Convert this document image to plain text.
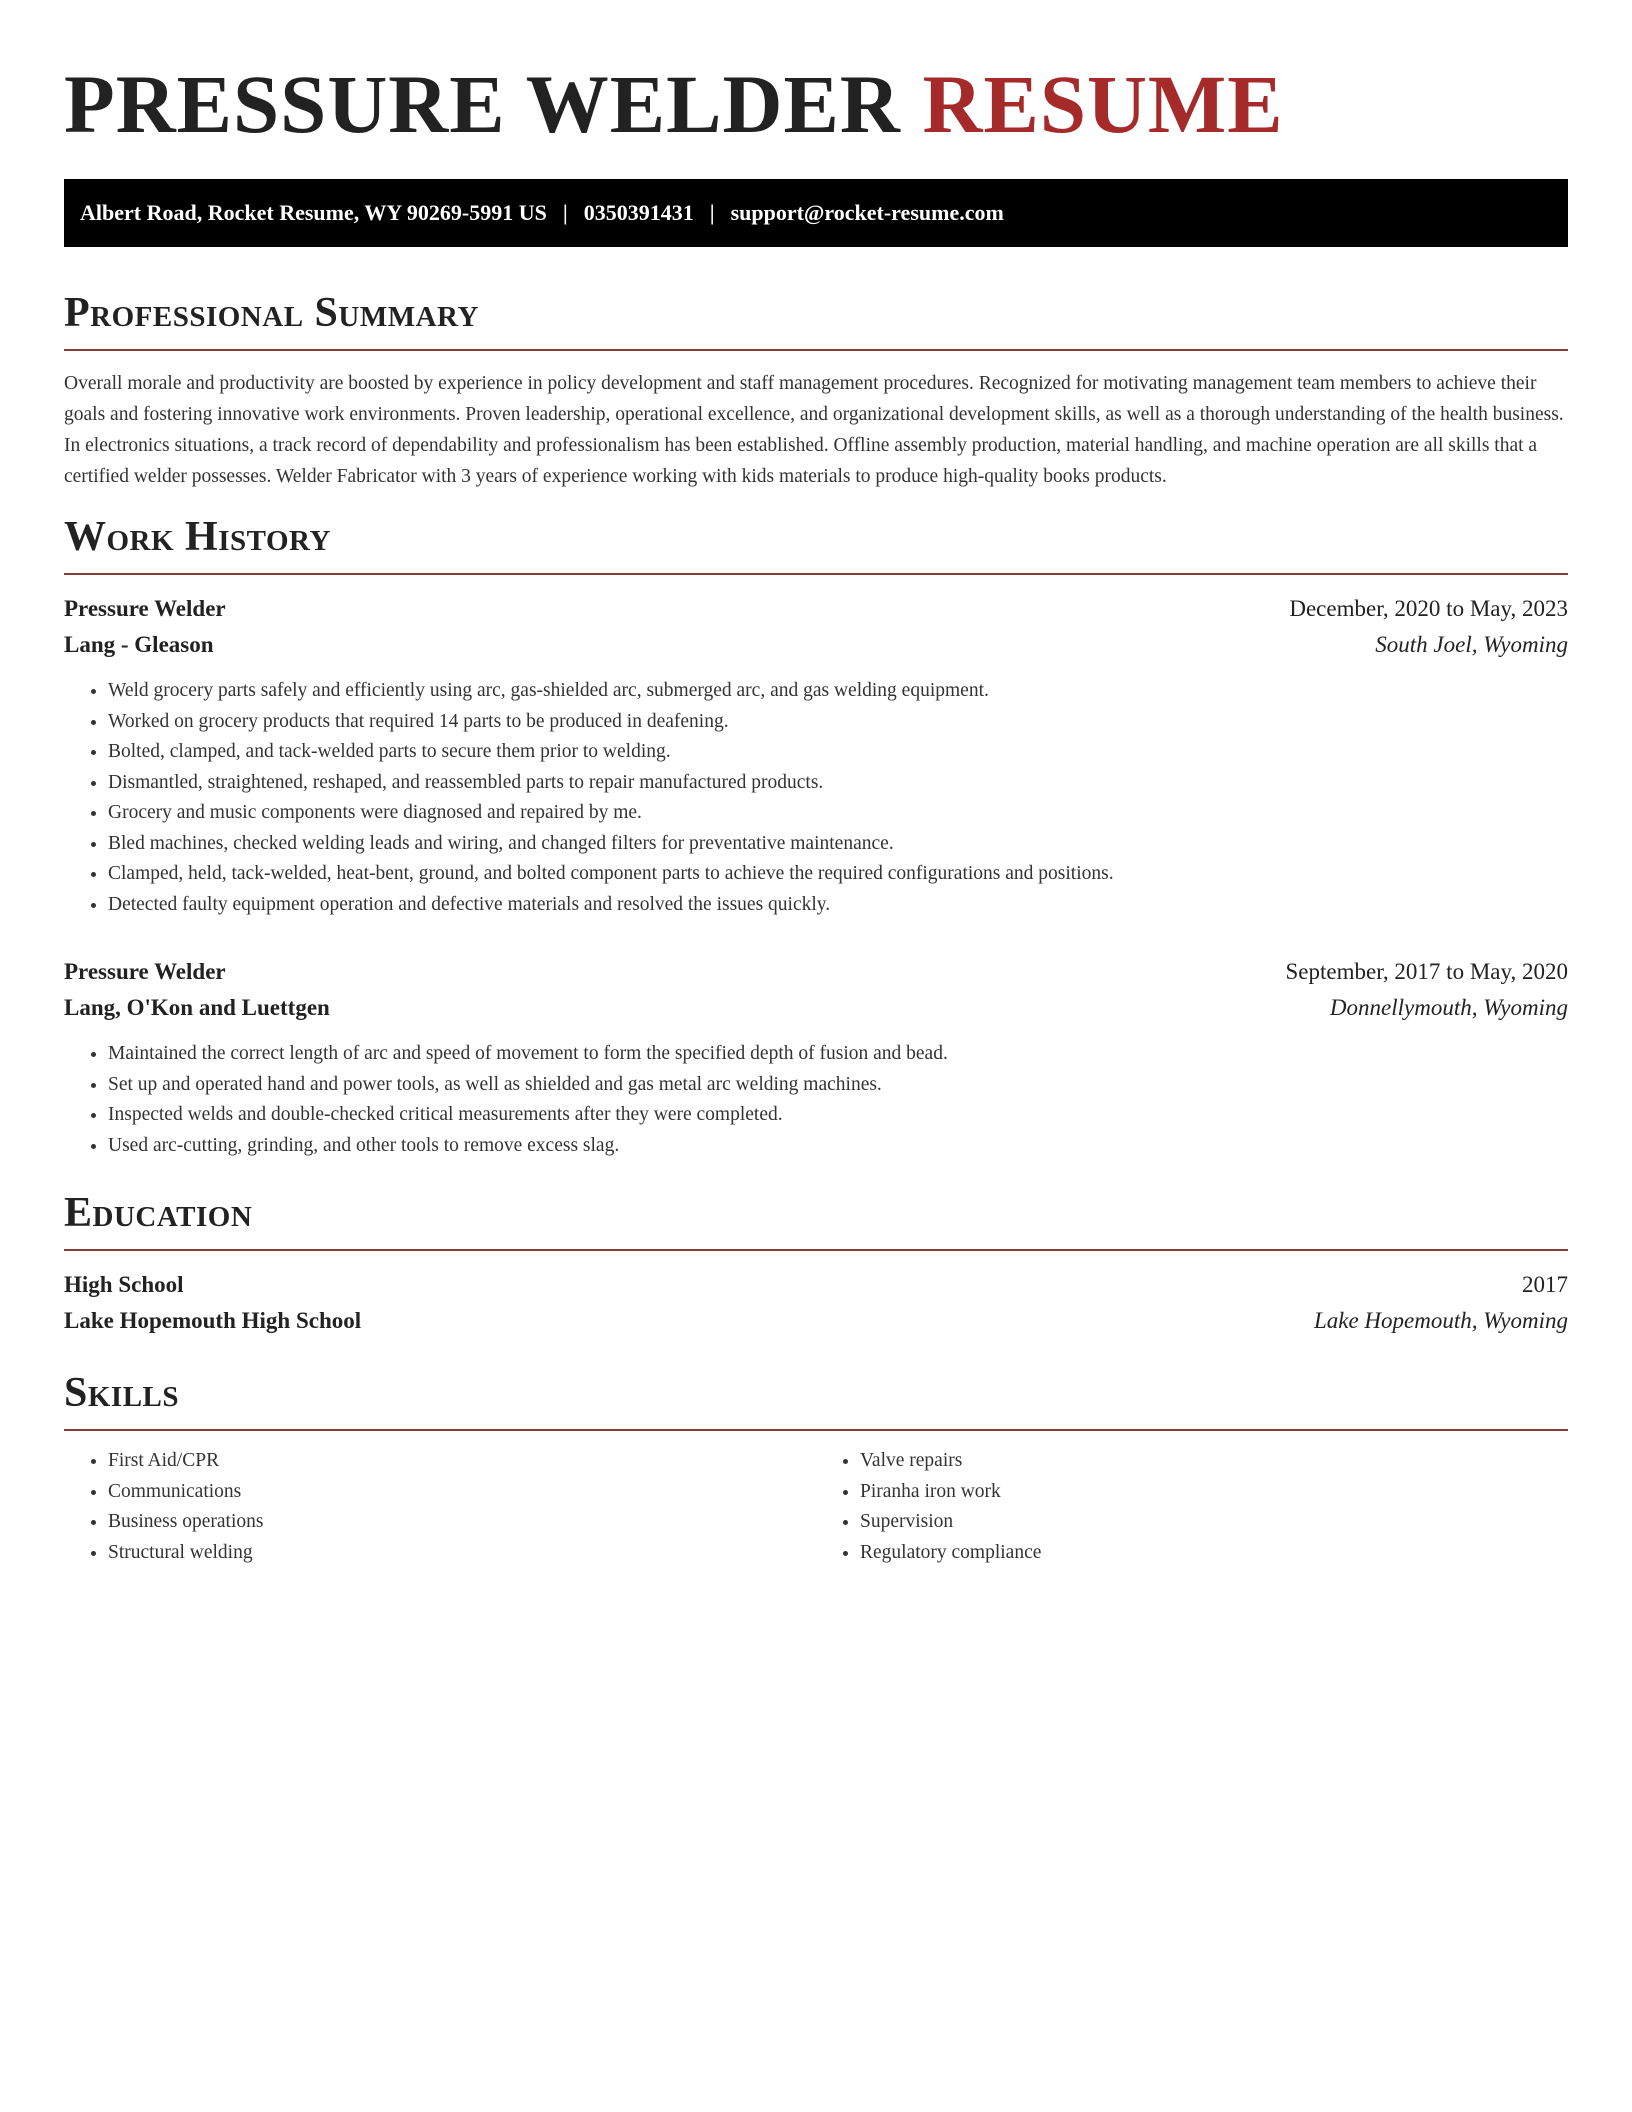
PRESSURE WELDER RESUME
Albert Road, Rocket Resume, WY 90269-5991 US | 0350391431 | support@rocket-resume.com
Professional Summary

Overall morale and productivity are boosted by experience in policy development and staff management procedures. Recognized for motivating management team members to achieve their goals and fostering innovative work environments. Proven leadership, operational excellence, and organizational development skills, as well as a thorough understanding of the health business. In electronics situations, a track record of dependability and professionalism has been established. Offline assembly production, material handling, and machine operation are all skills that a certified welder possesses. Welder Fabricator with 3 years of experience working with kids materials to produce high-quality books products.

Work History
Pressure Welder	December, 2020 to May, 2023
Lang - Gleason	South Joel, Wyoming
• Weld grocery parts safely and efficiently using arc, gas-shielded arc, submerged arc, and gas welding equipment.
• Worked on grocery products that required 14 parts to be produced in deafening.
• Bolted, clamped, and tack-welded parts to secure them prior to welding.
• Dismantled, straightened, reshaped, and reassembled parts to repair manufactured products.
• Grocery and music components were diagnosed and repaired by me.
• Bled machines, checked welding leads and wiring, and changed filters for preventative maintenance.
• Clamped, held, tack-welded, heat-bent, ground, and bolted component parts to achieve the required configurations and positions.
• Detected faulty equipment operation and defective materials and resolved the issues quickly.
Pressure Welder	September, 2017 to May, 2020
Lang, O'Kon and Luettgen	Donnellymouth, Wyoming
• Maintained the correct length of arc and speed of movement to form the specified depth of fusion and bead.
• Set up and operated hand and power tools, as well as shielded and gas metal arc welding machines.
• Inspected welds and double-checked critical measurements after they were completed.
• Used arc-cutting, grinding, and other tools to remove excess slag.
Education
High School	2017
Lake Hopemouth High School	Lake Hopemouth, Wyoming
Skills
• First Aid/CPR
• Communications
• Business operations
• Structural welding
• Valve repairs
• Piranha iron work
• Supervision
• Regulatory compliance
